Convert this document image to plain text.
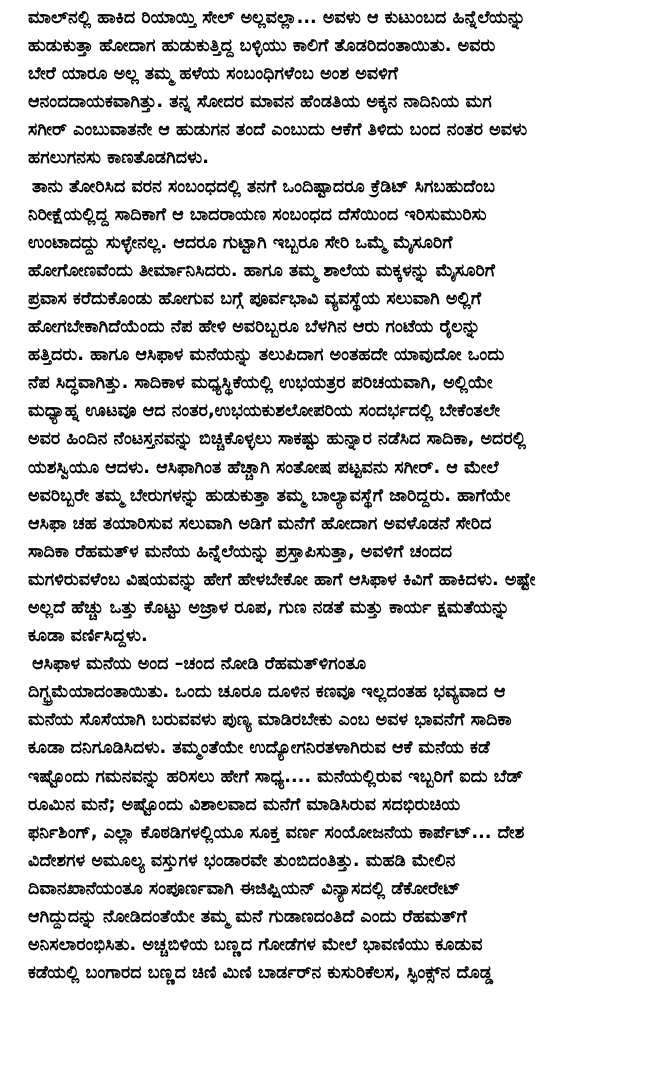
ಮಾಲ್‌ನಲ್ಲಿ ಹಾಕಿದ ರಿಯಾಯ್ತಿ ಸೇಲ್ ಅಲ್ಲವಲ್ಲಾ... ಅವಳು ಆ ಕುಟುಂಬದ ಹಿನ್ನೆಲೆಯನ್ನು
ಹುಡುಕುತ್ತಾ ಹೋದಾಗ ಹುಡುಕುತ್ತಿದ್ದ ಬಳ್ಳಿಯು ಕಾಲಿಗೆ ತೊಡರಿದಂತಾಯಿತು. ಅವರು
ಬೇರೆ ಯಾರೂ ಅಲ್ಲ ತಮ್ಮ ಹಳೆಯ ಸಂಬಂಧಿಗಳೆಂಬ ಅಂಶ ಅವಳಿಗೆ
ಆನಂದದಾಯಕವಾಗಿತ್ತು. ತನ್ನ ಸೋದರ ಮಾವನ ಹೆಂಡತಿಯ ಅಕ್ಕನ ನಾದಿನಿಯ ಮಗ
ಸಗೀರ್ ಎಂಬುವಾತನೇ ಆ ಹುಡುಗನ ತಂದೆ ಎಂಬುದು ಆಕೆಗೆ ತಿಳಿದು ಬಂದ ನಂತರ ಅವಳು
ಹಗಲುಗನಸು ಕಾಣತೊಡಗಿದಳು.
ತಾನು ತೋರಿಸಿದ ವರನ ಸಂಬಂಧದಲ್ಲಿ ತನಗೆ ಒಂದಿಷ್ಟಾದರೂ ಕ್ರೆಡಿಟ್ ಸಿಗಬಹುದೆಂಬ
ನಿರೀಕ್ಷೆಯಲ್ಲಿದ್ದ ಸಾದಿಕಾಗೆ ಆ ಬಾದರಾಯಣ ಸಂಬಂಧದ ದೆಸೆಯಿಂದ ಇರಿಸುಮುರಿಸು
ಉಂಟಾದದ್ದು ಸುಳ್ಳೇನಲ್ಲ. ಆದರೂ ಗುಟ್ಟಾಗಿ ಇಬ್ಬರೂ ಸೇರಿ ಒಮ್ಮೆ ಮೈಸೂರಿಗೆ
ಹೋಗೋಣವೆಂದು ತೀರ್ಮಾನಿಸಿದರು. ಹಾಗೂ ತಮ್ಮ ಶಾಲೆಯ ಮಕ್ಕಳನ್ನು ಮೈಸೂರಿಗೆ
ಪ್ರವಾಸ ಕರೆದುಕೊಂಡು ಹೋಗುವ ಬಗ್ಗೆ ಪೂರ್ವಭಾವಿ ವ್ಯವಸ್ಥೆಯ ಸಲುವಾಗಿ ಅಲ್ಲಿಗೆ
ಹೋಗಬೇಕಾಗಿದೆಯೆಂದು ನೆಪ ಹೇಳಿ ಅವರಿಬ್ಬರೂ ಬೆಳಗಿನ ಆರು ಗಂಟೆಯ ರೈಲನ್ನು
ಹತ್ತಿದರು. ಹಾಗೂ ಆಸಿಫಾಳ ಮನೆಯನ್ನು ತಲುಪಿದಾಗ ಅಂತಹದೇ ಯಾವುದೋ ಒಂದು
ನೆಪ ಸಿದ್ಧವಾಗಿತ್ತು. ಸಾದಿಕಾಳ ಮಧ್ಯಸ್ಥಿಕೆಯಲ್ಲಿ ಉಭಯತ್ರರ ಪರಿಚಯವಾಗಿ, ಅಲ್ಲಿಯೇ
ಮಧ್ಯಾಹ್ನ ಊಟವೂ ಆದ ನಂತರ,ಉಭಯಕುಶಲೋಪರಿಯ ಸಂದರ್ಭದಲ್ಲಿ ಬೇಕೆಂತಲೇ
ಅವರ ಹಿಂದಿನ ನೆಂಟಸ್ತನವನ್ನು ಬಿಚ್ಚಿಕೊಳ್ಳಲು ಸಾಕಷ್ಟು ಹುನ್ನಾರ ನಡೆಸಿದ ಸಾದಿಕಾ, ಅದರಲ್ಲಿ
ಯಶಸ್ವಿಯೂ ಆದಳು. ಆಸಿಫಾಗಿಂತ ಹೆಚ್ಚಾಗಿ ಸಂತೋಷ ಪಟ್ಟವನು ಸಗೀರ್. ಆ ಮೇಲೆ
ಅವರಿಬ್ಬರೇ ತಮ್ಮ ಬೇರುಗಳನ್ನು ಹುಡುಕುತ್ತಾ ತಮ್ಮ ಬಾಲ್ಯಾವಸ್ಥೆಗೆ ಜಾರಿದ್ದರು. ಹಾಗೆಯೇ
ಆಸಿಫಾ ಚಹ ತಯಾರಿಸುವ ಸಲುವಾಗಿ ಅಡಿಗೆ ಮನೆಗೆ ಹೋದಾಗ ಅವಳೊಡನೆ ಸೇರಿದ
ಸಾದಿಕಾ ರೆಹಮತ್‌ಳ ಮನೆಯ ಹಿನ್ನೆಲೆಯನ್ನು ಪ್ರಸ್ತಾಪಿಸುತ್ತಾ, ಅವಳಿಗೆ ಚಂದದ
ಮಗಳಿರುವಳೆಂಬ ವಿಷಯವನ್ನು ಹೇಗೆ ಹೇಳಬೇಕೋ ಹಾಗೆ ಆಸಿಫಾಳ ಕಿವಿಗೆ ಹಾಕಿದಳು. ಅಷ್ಟೇ
ಅಲ್ಲದೆ ಹೆಚ್ಚು ಒತ್ತು ಕೊಟ್ಟು ಅಜ್ರಾಳ ರೂಪ, ಗುಣ ನಡತೆ ಮತ್ತು ಕಾರ್ಯ ಕ್ಷಮತೆಯನ್ನು
ಕೂಡಾ ವರ್ಣಿಸಿದ್ದಳು.
ಆಸಿಫಾಳ ಮನೆಯ ಅಂದ –ಚಂದ ನೋಡಿ ರೆಹಮತ್‌ಳಿಗಂತೂ
ದಿಗ್ಭ್ರಮೆಯಾದಂತಾಯಿತು. ಒಂದು ಚೂರೂ ದೂಳಿನ ಕಣವೂ ಇಲ್ಲದಂತಹ ಭವ್ಯವಾದ ಆ
ಮನೆಯ ಸೊಸೆಯಾಗಿ ಬರುವವಳು ಪುಣ್ಯ ಮಾಡಿರಬೇಕು ಎಂಬ ಅವಳ ಭಾವನೆಗೆ ಸಾದಿಕಾ
ಕೂಡಾ ದನಿಗೂಡಿಸಿದಳು. ತಮ್ಮಂತೆಯೇ ಉದ್ಯೋಗನಿರತಳಾಗಿರುವ ಆಕೆ ಮನೆಯ ಕಡೆ
ಇಷ್ಟೊಂದು ಗಮನವನ್ನು ಹರಿಸಲು ಹೇಗೆ ಸಾಧ್ಯ.... ಮನೆಯಲ್ಲಿರುವ ಇಬ್ಬರಿಗೆ ಐದು ಬೆಡ್
ರೂಮಿನ ಮನೆ; ಅಷ್ಟೊಂದು ವಿಶಾಲವಾದ ಮನೆಗೆ ಮಾಡಿಸಿರುವ ಸದಭಿರುಚಿಯ
ಫರ್ನಿಶಿಂಗ್, ಎಲ್ಲಾ ಕೊಠಡಿಗಳಲ್ಲಿಯೂ ಸೂಕ್ತ ವರ್ಣ ಸಂಯೋಜನೆಯ ಕಾರ್ಪೆಟ್... ದೇಶ
ವಿದೇಶಗಳ ಅಮೂಲ್ಯ ವಸ್ತುಗಳ ಭಂಡಾರವೇ ತುಂಬಿದಂತಿತ್ತು. ಮಹಡಿ ಮೇಲಿನ
ದಿವಾನಖಾನೆಯಂತೂ ಸಂಪೂರ್ಣವಾಗಿ ಈಜಿಪ್ಷಿಯನ್ ವಿನ್ಯಾಸದಲ್ಲಿ ಡೆಕೋರೇಟ್
ಆಗಿದ್ದುದನ್ನು ನೋಡಿದಂತೆಯೇ ತಮ್ಮ ಮನೆ ಗುಡಾಣದಂತಿದೆ ಎಂದು ರೆಹಮತ್‌ಗೆ
ಅನಿಸಲಾರಂಭಿಸಿತು. ಅಚ್ಚಬಿಳಿಯ ಬಣ್ಣದ ಗೋಡೆಗಳ ಮೇಲೆ ಭಾವಣಿಯು ಕೂಡುವ
ಕಡೆಯಲ್ಲಿ ಬಂಗಾರದ ಬಣ್ಣದ ಚಿಣಿ ಮಿಣಿ ಬಾರ್ಡರ್‌ನ ಕುಸುರಿಕೆಲಸ, ಸ್ಫಿಂಕ್ಸ್‌ನ ದೊಡ್ಡ
